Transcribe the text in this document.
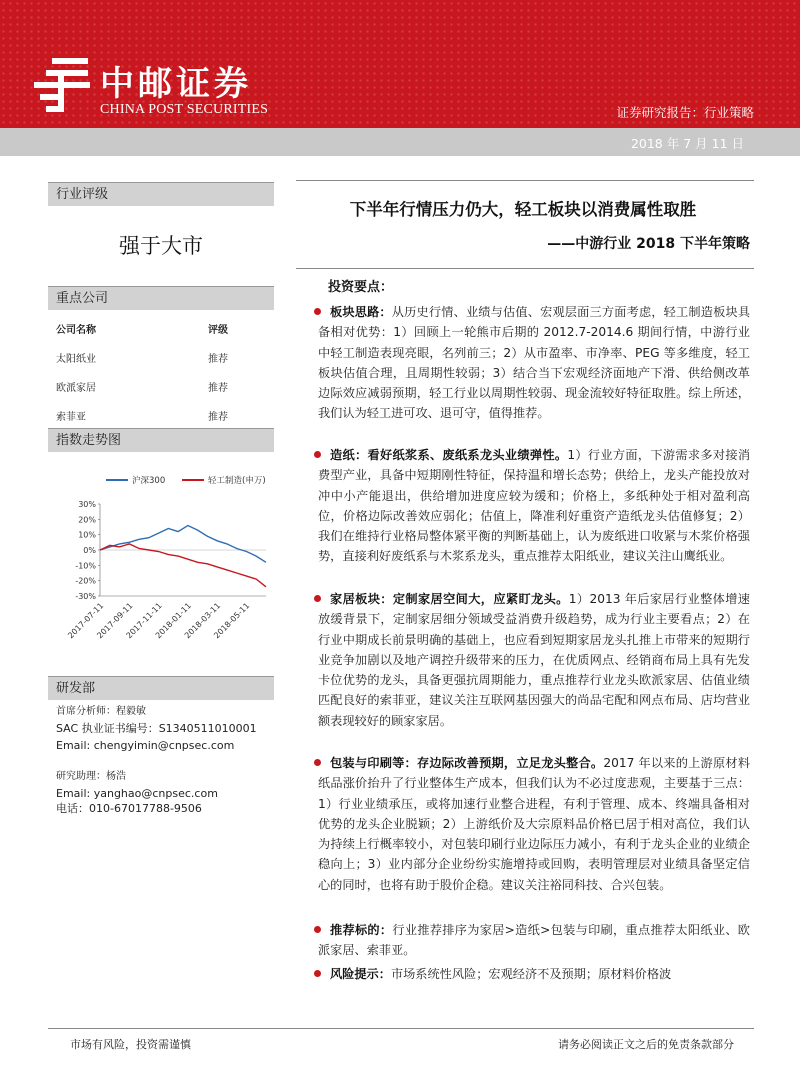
中邮证券
CHINA POST SECURITIES	证券研究报告：行业策略
2018 年 7 月 11 日
行业评级
强于大市
重点公司
公司名称	评级
太阳纸业	推荐
欧派家居	推荐
索菲亚	推荐
指数走势图
沪深300	轻工制造(申万)
30%
20%
10%
0%
-10%
-20%
-30%
2017-07-11
2017-09-11
2017-11-11
2018-01-11
2018-03-11
2018-05-11
研发部
首席分析师：程毅敏
SAC 执业证书编号：S1340511010001
Email: chengyimin@cnpsec.com
研究助理：杨浩
Email: yanghao@cnpsec.com
电话：010-67017788-9506
下半年行情压力仍大，轻工板块以消费属性取胜
——中游行业 2018 下半年策略
投资要点：

板块思路：从历史行情、业绩与估值、宏观层面三方面考虑，轻工制造板块具备相对优势：1）回顾上一轮熊市后期的 2012.7-2014.6 期间行情，中游行业中轻工制造表现亮眼，名列前三；2）从市盈率、市净率、PEG 等多维度，轻工板块估值合理，且周期性较弱；3）结合当下宏观经济面地产下滑、供给侧改革边际效应减弱预期，轻工行业以周期性较弱、现金流较好特征取胜。综上所述，我们认为轻工进可攻、退可守，值得推荐。

造纸：看好纸浆系、废纸系龙头业绩弹性。1）行业方面，下游需求多对接消费型产业，具备中短期刚性特征，保持温和增长态势；供给上，龙头产能投放对冲中小产能退出，供给增加进度应较为缓和；价格上，多纸种处于相对盈利高位，价格边际改善效应弱化；估值上，降准利好重资产造纸龙头估值修复；2）我们在维持行业格局整体紧平衡的判断基础上，认为废纸进口收紧与木浆价格强势，直接利好废纸系与木浆系龙头，重点推荐太阳纸业，建议关注山鹰纸业。

家居板块：定制家居空间大，应紧盯龙头。1）2013 年后家居行业整体增速放缓背景下，定制家居细分领域受益消费升级趋势，成为行业主要看点；2）在行业中期成长前景明确的基础上，也应看到短期家居龙头扎推上市带来的短期行业竞争加剧以及地产调控升级带来的压力，在优质网点、经销商布局上具有先发卡位优势的龙头，具备更强抗周期能力，重点推荐行业龙头欧派家居、估值业绩匹配良好的索菲亚，建议关注互联网基因强大的尚品宅配和网点布局、店均营业额表现较好的顾家家居。

包装与印刷等：存边际改善预期，立足龙头整合。2017 年以来的上游原材料纸品涨价抬升了行业整体生产成本，但我们认为不必过度悲观，主要基于三点：1）行业业绩承压，或将加速行业整合进程，有利于管理、成本、终端具备相对优势的龙头企业脱颖；2）上游纸价及大宗原料品价格已居于相对高位，我们认为持续上行概率较小，对包装印刷行业边际压力减小，有利于龙头企业的业绩企稳向上；3）业内部分企业纷纷实施增持或回购，表明管理层对业绩具备坚定信心的同时，也将有助于股价企稳。建议关注裕同科技、合兴包装。

推荐标的：行业推荐排序为家居>造纸>包装与印刷，重点推荐太阳纸业、欧派家居、索菲亚。

风险提示：市场系统性风险；宏观经济不及预期；原材料价格波

市场有风险，投资需谨慎	请务必阅读正文之后的免责条款部分
